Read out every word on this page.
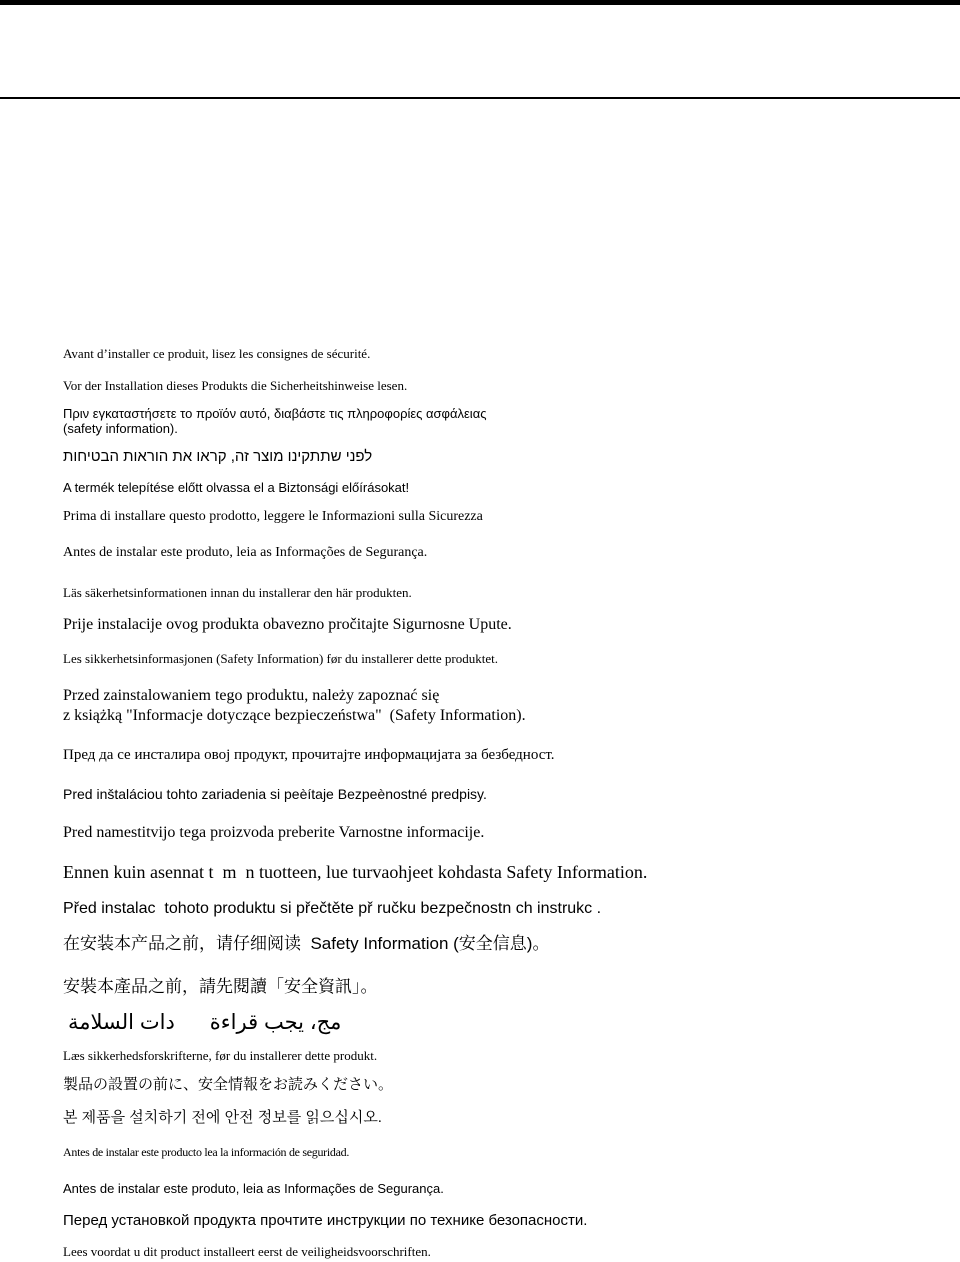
Avant d’installer ce produit, lisez les consignes de sécurité.
Vor der Installation dieses Produkts die Sicherheitshinweise lesen.
Πριν εγκαταστήσετε το προϊόν αυτό, διαβάστε τις πληροφορίες ασφάλειας
(safety information).
לפני שתתקינו מוצר זה, קראו את הוראות הבטיחות
A termék telepítése előtt olvassa el a Biztonsági előírásokat!
Prima di installare questo prodotto, leggere le Informazioni sulla Sicurezza
Antes de instalar este produto, leia as Informações de Segurança.
Läs säkerhetsinformationen innan du installerar den här produkten.
Prije instalacije ovog produkta obavezno pročitajte Sigurnosne Upute.
Les sikkerhetsinformasjonen (Safety Information) før du installerer dette produktet.
Przed zainstalowaniem tego produktu, należy zapoznać się
z książką "Informacje dotyczące bezpieczeństwa"  (Safety Information).
Пред да се инсталира овој продукт, прочитајте информацијата за безбедност.
Pred inštaláciou tohto zariadenia si peèítaje Bezpeènostné predpisy.
Pred namestitvijo tega proizvoda preberite Varnostne informacije.
Ennen kuin asennat t  m  n tuotteen, lue turvaohjeet kohdasta Safety Information.
Před instalac  tohoto produktu si přečtěte př ručku bezpečnostn ch instrukc .
在安装本产品之前，请仔细阅读  Safety Information (安全信息)。
安裝本產品之前，請先閱讀「安全資訊」。
مج، يجب قراءة      دات السلامة
Læs sikkerhedsforskrifterne, før du installerer dette produkt.
製品の設置の前に、安全情報をお読みください。
본 제품을 설치하기 전에 안전 정보를 읽으십시오.
Antes de instalar este producto lea la información de seguridad.
Antes de instalar este produto, leia as Informações de Segurança.
Перед установкой продукта прочтите инструкции по технике безопасности.
Lees voordat u dit product installeert eerst de veiligheidsvoorschriften.
